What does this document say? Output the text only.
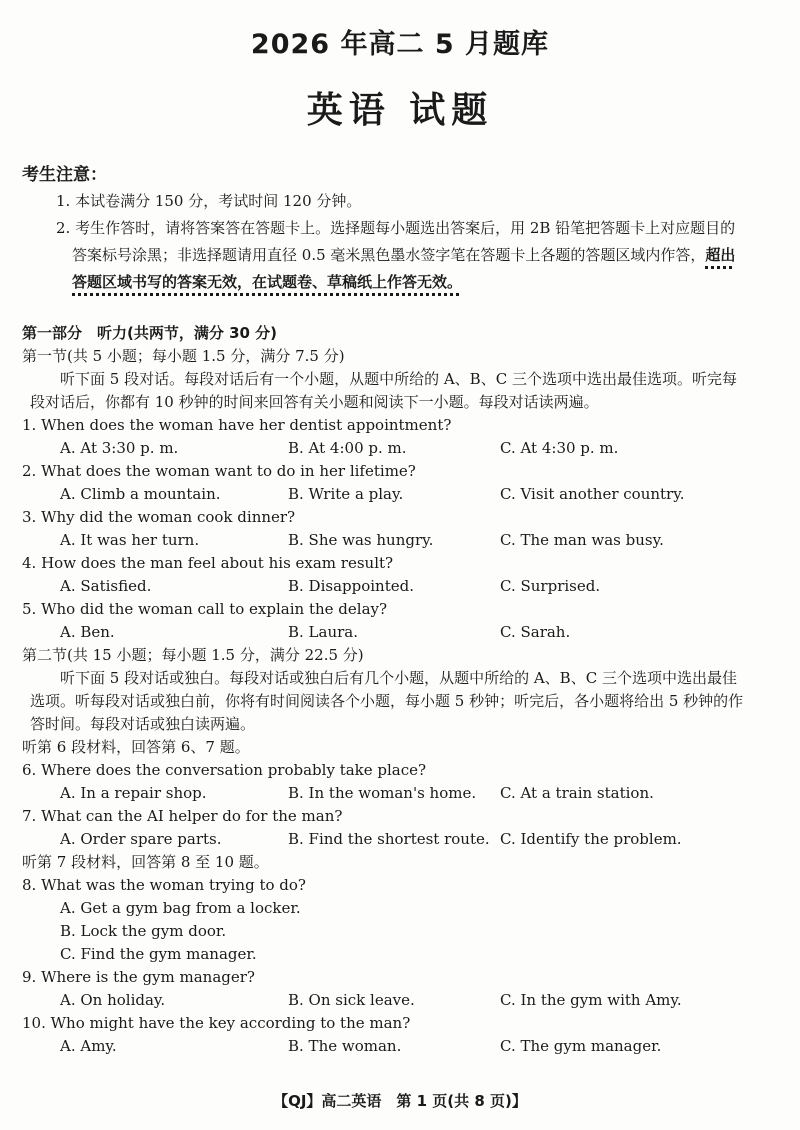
2026 年高二 5 月题库
英语 试题
考生注意：
1. 本试卷满分 150 分，考试时间 120 分钟。
2. 考生作答时，请将答案答在答题卡上。选择题每小题选出答案后，用 2B 铅笔把答题卡上对应题目的答案标号涂黑；非选择题请用直径 0.5 毫米黑色墨水签字笔在答题卡上各题的答题区域内作答，超出答题区域书写的答案无效，在试题卷、草稿纸上作答无效。
第一部分　听力(共两节，满分 30 分)
第一节(共 5 小题；每小题 1.5 分，满分 7.5 分)
听下面 5 段对话。每段对话后有一个小题，从题中所给的 A、B、C 三个选项中选出最佳选项。听完每段对话后，你都有 10 秒钟的时间来回答有关小题和阅读下一小题。每段对话读两遍。
1. When does the woman have her dentist appointment?
A. At 3:30 p. m.	B. At 4:00 p. m.	C. At 4:30 p. m.
2. What does the woman want to do in her lifetime?
A. Climb a mountain.	B. Write a play.	C. Visit another country.
3. Why did the woman cook dinner?
A. It was her turn.	B. She was hungry.	C. The man was busy.
4. How does the man feel about his exam result?
A. Satisfied.	B. Disappointed.	C. Surprised.
5. Who did the woman call to explain the delay?
A. Ben.	B. Laura.	C. Sarah.
第二节(共 15 小题；每小题 1.5 分，满分 22.5 分)
听下面 5 段对话或独白。每段对话或独白后有几个小题，从题中所给的 A、B、C 三个选项中选出最佳选项。听每段对话或独白前，你将有时间阅读各个小题，每小题 5 秒钟；听完后，各小题将给出 5 秒钟的作答时间。每段对话或独白读两遍。
听第 6 段材料，回答第 6、7 题。
6. Where does the conversation probably take place?
A. In a repair shop.	B. In the woman's home. C. At a train station.
7. What can the AI helper do for the man?
A. Order spare parts.	B. Find the shortest route. C. Identify the problem.
听第 7 段材料，回答第 8 至 10 题。
8. What was the woman trying to do?
A. Get a gym bag from a locker.
B. Lock the gym door.
C. Find the gym manager.
9. Where is the gym manager?
A. On holiday.	B. On sick leave.	C. In the gym with Amy.
10. Who might have the key according to the man?
A. Amy.	B. The woman.	C. The gym manager.
【QJ】高二英语　第 1 页(共 8 页)】
